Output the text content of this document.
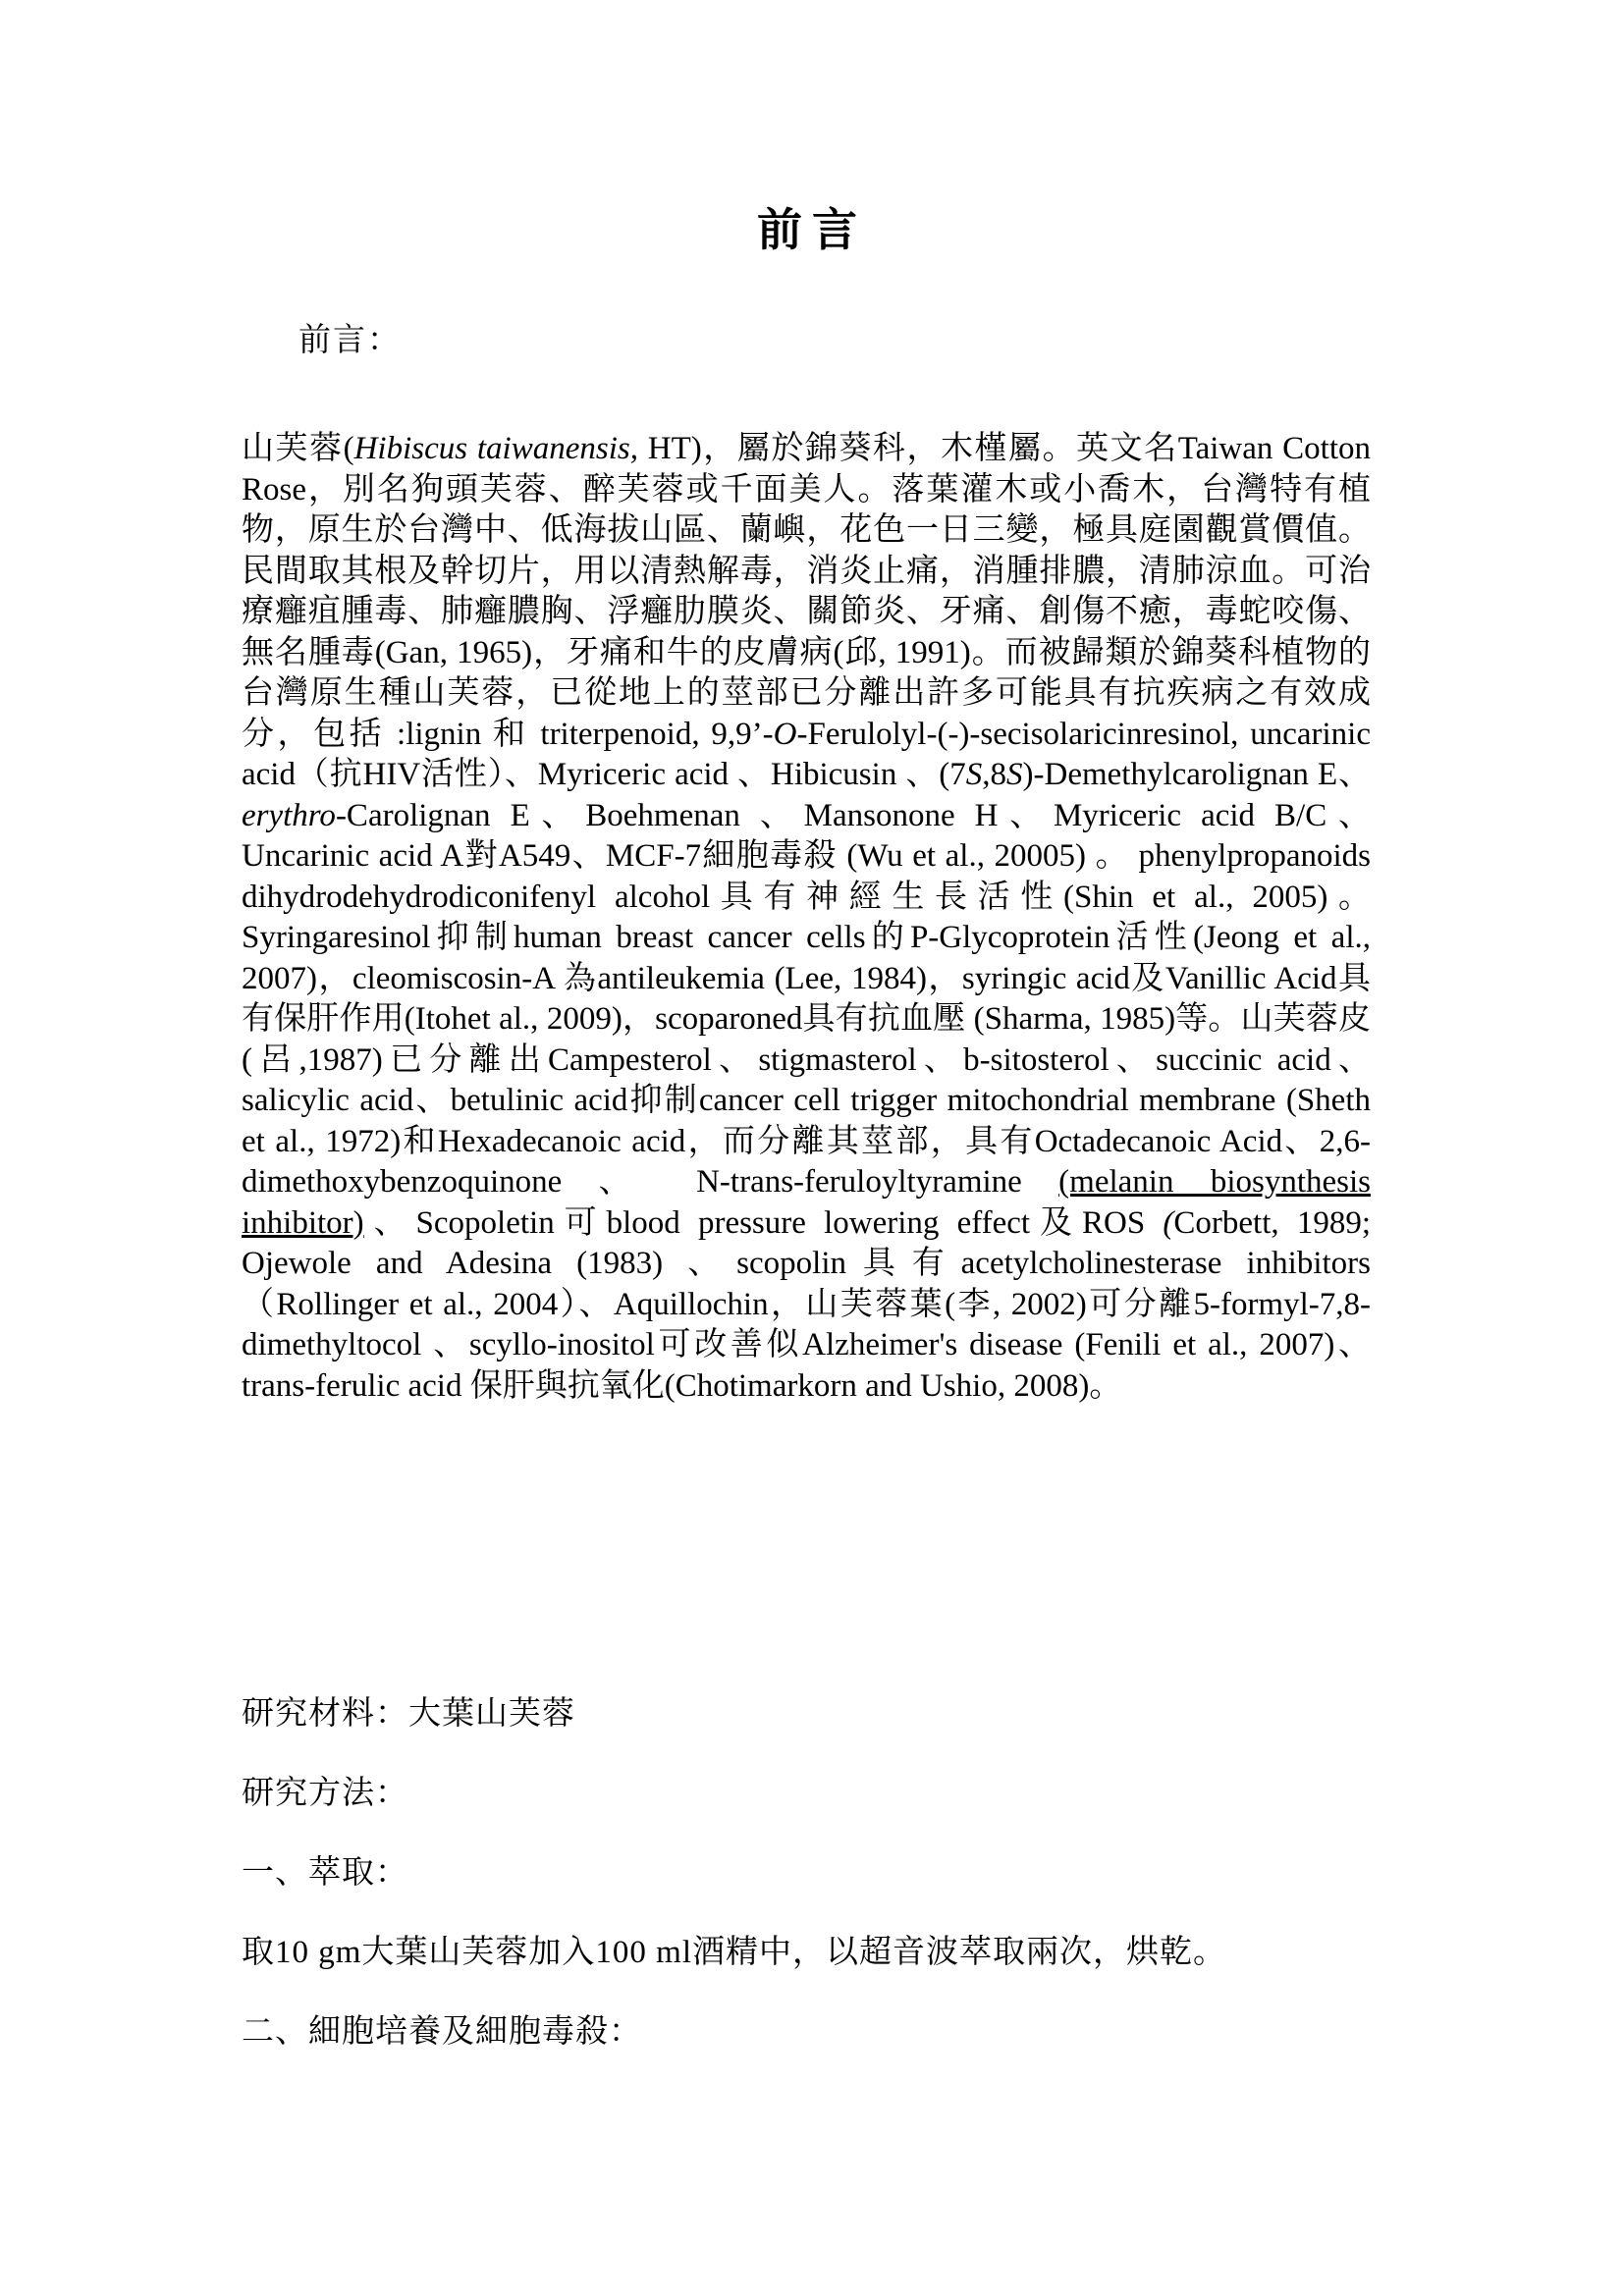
前言

前言：

山芙蓉(Hibiscus taiwanensis, HT)，屬於錦葵科，木槿屬。英文名Taiwan Cotton Rose，別名狗頭芙蓉、醉芙蓉或千面美人。落葉灌木或小喬木，台灣特有植物，原生於台灣中、低海拔山區、蘭嶼，花色一日三變，極具庭園觀賞價值。民間取其根及幹切片，用以清熱解毒，消炎止痛，消腫排膿，清肺涼血。可治療癰疽腫毒、肺癰膿胸、浮癰肋膜炎、關節炎、牙痛、創傷不癒，毒蛇咬傷、無名腫毒(Gan, 1965)，牙痛和牛的皮膚病(邱, 1991)。而被歸類於錦葵科植物的台灣原生種山芙蓉，已從地上的莖部已分離出許多可能具有抗疾病之有效成分，包括 :lignin 和 triterpenoid, 9,9’-O-Ferulolyl-(-)-secisolaricinresinol, uncarinic acid（抗HIV活性）、Myriceric acid 、Hibicusin 、(7S,8S)-Demethylcarolignan E、erythro-Carolignan E、Boehmenan 、Mansonone H、Myriceric acid B/C、Uncarinic acid A對A549、MCF-7細胞毒殺 (Wu et al., 20005) 。 phenylpropanoids dihydrodehydrodiconifenyl alcohol具有神經生長活性(Shin et al., 2005)。Syringaresinol抑制human breast cancer cells的P-Glycoprotein活性(Jeong et al., 2007)，cleomiscosin-A 為antileukemia (Lee, 1984)，syringic acid及Vanillic Acid具有保肝作用(Itohet al., 2009)，scoparoned具有抗血壓 (Sharma, 1985)等。山芙蓉皮(呂,1987)已分離出Campesterol、stigmasterol、b-sitosterol、succinic acid、salicylic acid、betulinic acid抑制cancer cell trigger mitochondrial membrane (Sheth et al., 1972)和Hexadecanoic acid，而分離其莖部，具有Octadecanoic Acid、2,6-dimethoxybenzoquinone 、 N-trans-feruloyltyramine (melanin biosynthesis inhibitor)、Scopoletin可blood pressure lowering effect及ROS (Corbett, 1989; Ojewole and Adesina (1983) 、scopolin具有acetylcholinesterase inhibitors（Rollinger et al., 2004）、Aquillochin，山芙蓉葉(李, 2002)可分離5-formyl-7,8-dimethyltocol 、scyllo-inositol可改善似Alzheimer's disease (Fenili et al., 2007)、trans-ferulic acid 保肝與抗氧化(Chotimarkorn and Ushio, 2008)。

研究材料：大葉山芙蓉

研究方法：

一、萃取：

取10 gm大葉山芙蓉加入100 ml酒精中，以超音波萃取兩次，烘乾。

二、細胞培養及細胞毒殺：
